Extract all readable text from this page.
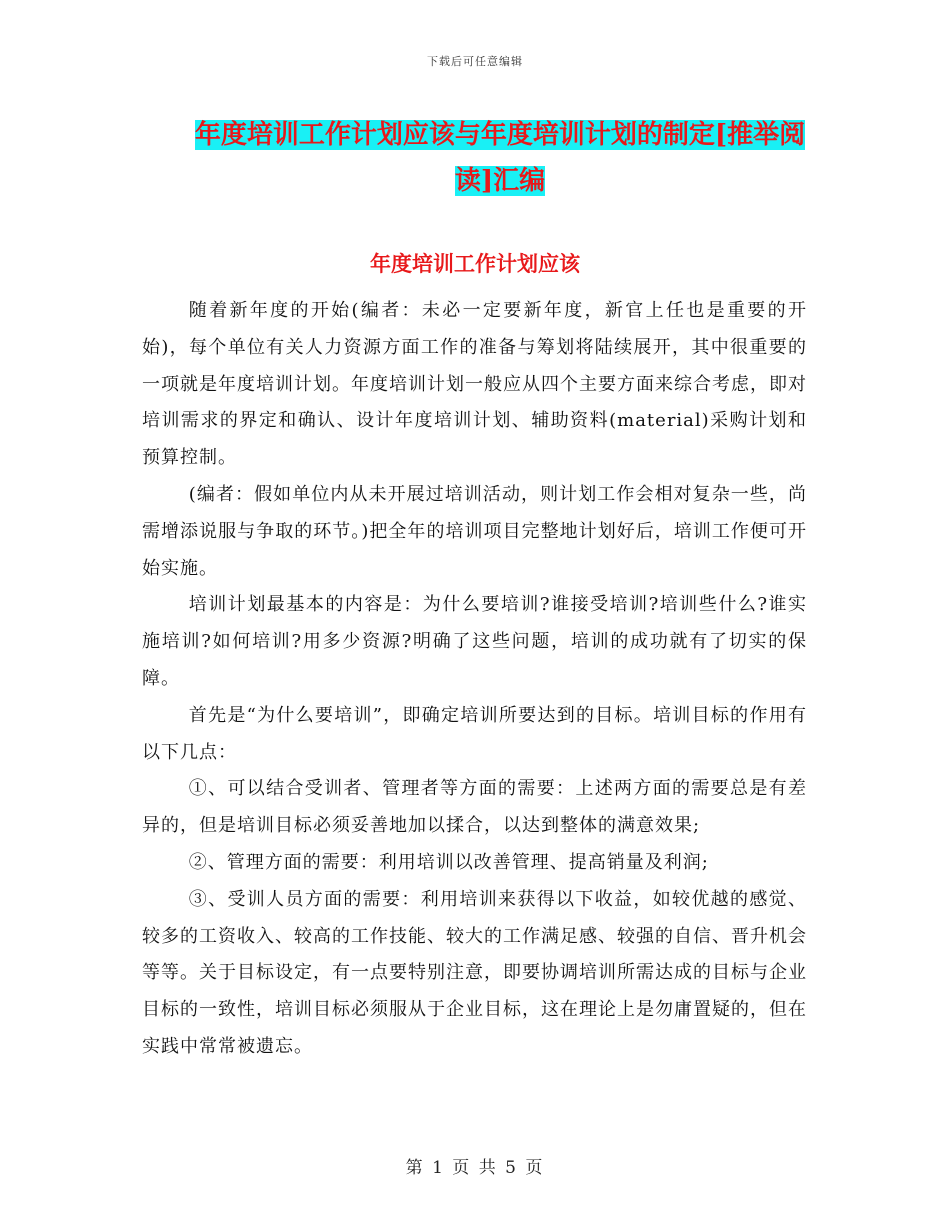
下载后可任意编辑
年度培训工作计划应该与年度培训计划的制定[推举阅读]汇编
年度培训工作计划应该

随着新年度的开始(编者：未必一定要新年度，新官上任也是重要的开始)，每个单位有关人力资源方面工作的准备与筹划将陆续展开，其中很重要的一项就是年度培训计划。年度培训计划一般应从四个主要方面来综合考虑，即对培训需求的界定和确认、设计年度培训计划、辅助资料(material)采购计划和预算控制。

(编者：假如单位内从未开展过培训活动，则计划工作会相对复杂一些，尚需增添说服与争取的环节。)把全年的培训项目完整地计划好后，培训工作便可开始实施。

培训计划最基本的内容是：为什么要培训?谁接受培训?培训些什么?谁实施培训?如何培训?用多少资源?明确了这些问题，培训的成功就有了切实的保障。

首先是“为什么要培训”，即确定培训所要达到的目标。培训目标的作用有以下几点：

①、可以结合受训者、管理者等方面的需要：上述两方面的需要总是有差异的，但是培训目标必须妥善地加以揉合，以达到整体的满意效果;

②、管理方面的需要：利用培训以改善管理、提高销量及利润;

③、受训人员方面的需要：利用培训来获得以下收益，如较优越的感觉、较多的工资收入、较高的工作技能、较大的工作满足感、较强的自信、晋升机会等等。关于目标设定，有一点要特别注意，即要协调培训所需达成的目标与企业目标的一致性，培训目标必须服从于企业目标，这在理论上是勿庸置疑的，但在实践中常常被遗忘。

第 1 页 共 5 页
